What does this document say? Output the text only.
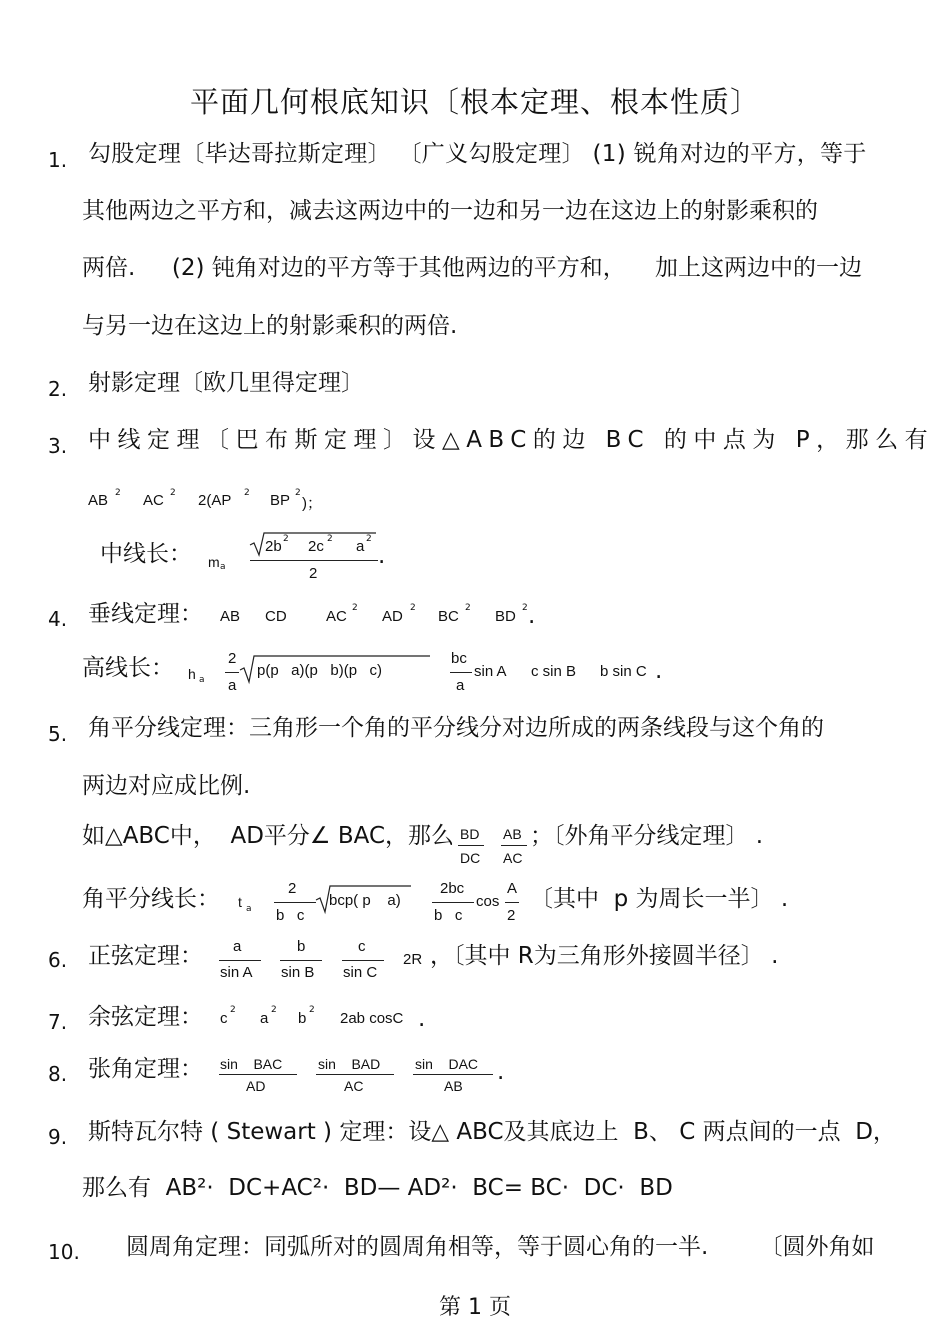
平面几何根底知识〔根本定理、根本性质〕
1. 勾股定理〔毕达哥拉斯定理〕 〔广义勾股定理〕 (1) 锐角对边的平方，等于
其他两边之平方和，减去这两边中的一边和另一边在这边上的射影乘积的
两倍.     (2) 钝角对边的平方等于其他两边的平方和，    加上这两边中的一边
与另一边在这边上的射影乘积的两倍.
2. 射影定理〔欧几里得定理〕
3. 中线定理〔巴布斯定理〕设△ABC的边 BC 的中点为 P，那么有
AB 2 AC 2 2(AP 2 BP 2
)；
中线长： m a
2b 2 2c 2 a 2
2
.
4. 垂线定理： AB CD	AC 2 AD 2 BC 2 BD 2 .
高线长： h a
2
a
p(p   a)(p   b)(p   c)
bc
a
sin A c sin B b sin C .
5. 角平分线定理：三角形一个角的平分线分对边所成的两条线段与这个角的
两边对应成比例.
如△ABC中，  AD平分∠ BAC，那么 BD
DC
AB
AC
；〔外角平分线定理〕 .
角平分线长： t a
2
b   c
bcp( p    a)
2bc
b   c
cos
A
2
〔其中  p 为周长一半〕 .
6. 正弦定理： a
sin A
b
sin B
c
sin C
2R ，〔其中 R为三角形外接圆半径〕 .
7. 余弦定理： c 2 a 2 b 2 2ab cosC .
8. 张角定理： sin    BAC
AD
sin    BAD
AC
sin    DAC
AB
.
9. 斯特瓦尔特 ( Stewart ) 定理：设△ ABC及其底边上  B、 C 两点间的一点  D，
那么有  AB²·  DC+AC²·  BD— AD²·  BC= BC·  DC·  BD
10. 圆周角定理：同弧所对的圆周角相等，等于圆心角的一半.       〔圆外角如
第 1 页
